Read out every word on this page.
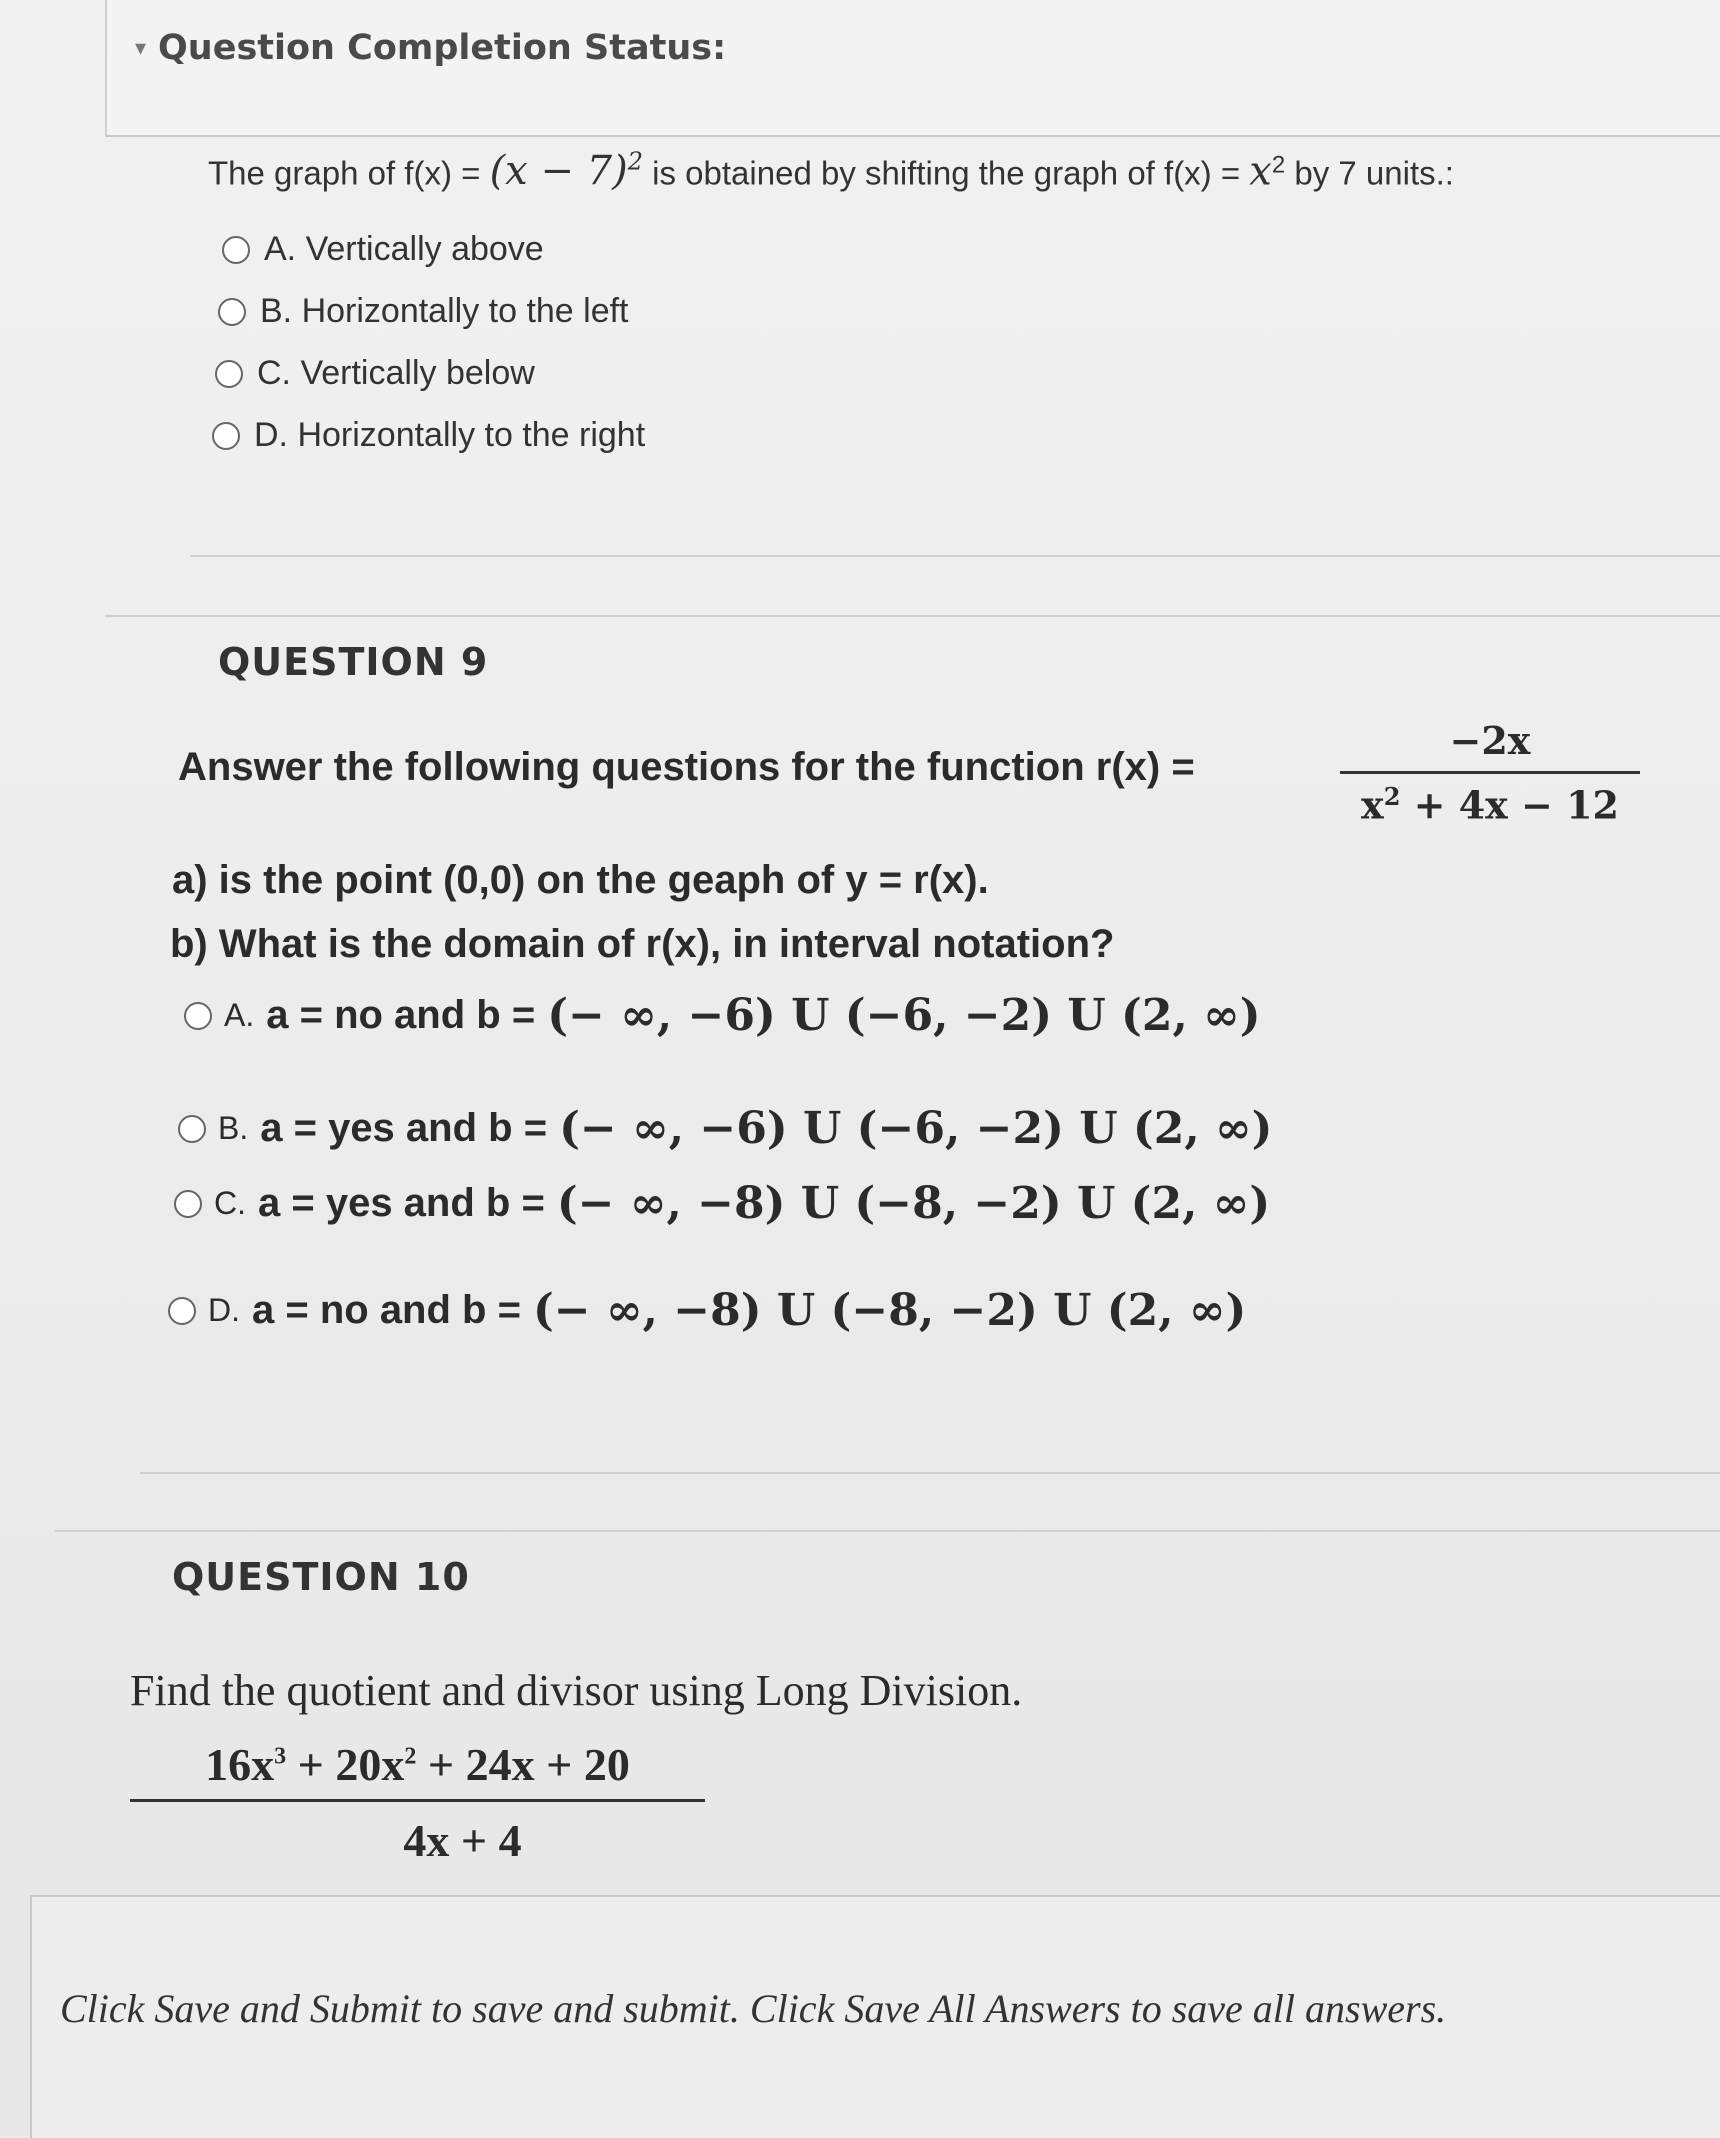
▾ Question Completion Status:
The graph of $f(x) = (x - 7)^2$ is obtained by shifting the graph of $f(x) = x^2$ by 7 units.:
A. Vertically above
B. Horizontally to the left
C. Vertically below
D. Horizontally to the right
QUESTION 9
Answer the following questions for the function r(x) =
−2x
$x^2 + 4x - 12$
a) is the point (0,0) on the geaph of y = r(x).
b) What is the domain of r(x), in interval notation?
A. a = no and b = (− ∞, −6) U (−6, −2) U (2, ∞)
B. a = yes and b = (− ∞, −6) U (−6, −2) U (2, ∞)
C. a = yes and b = (− ∞, −8) U (−8, −2) U (2, ∞)
D. a = no and b = (− ∞, −8) U (−8, −2) U (2, ∞)
QUESTION 10
Find the quotient and divisor using Long Division.
$16x^3 + 20x^2 + 24x + 20$
4x + 4
Click Save and Submit to save and submit. Click Save All Answers to save all answers.
